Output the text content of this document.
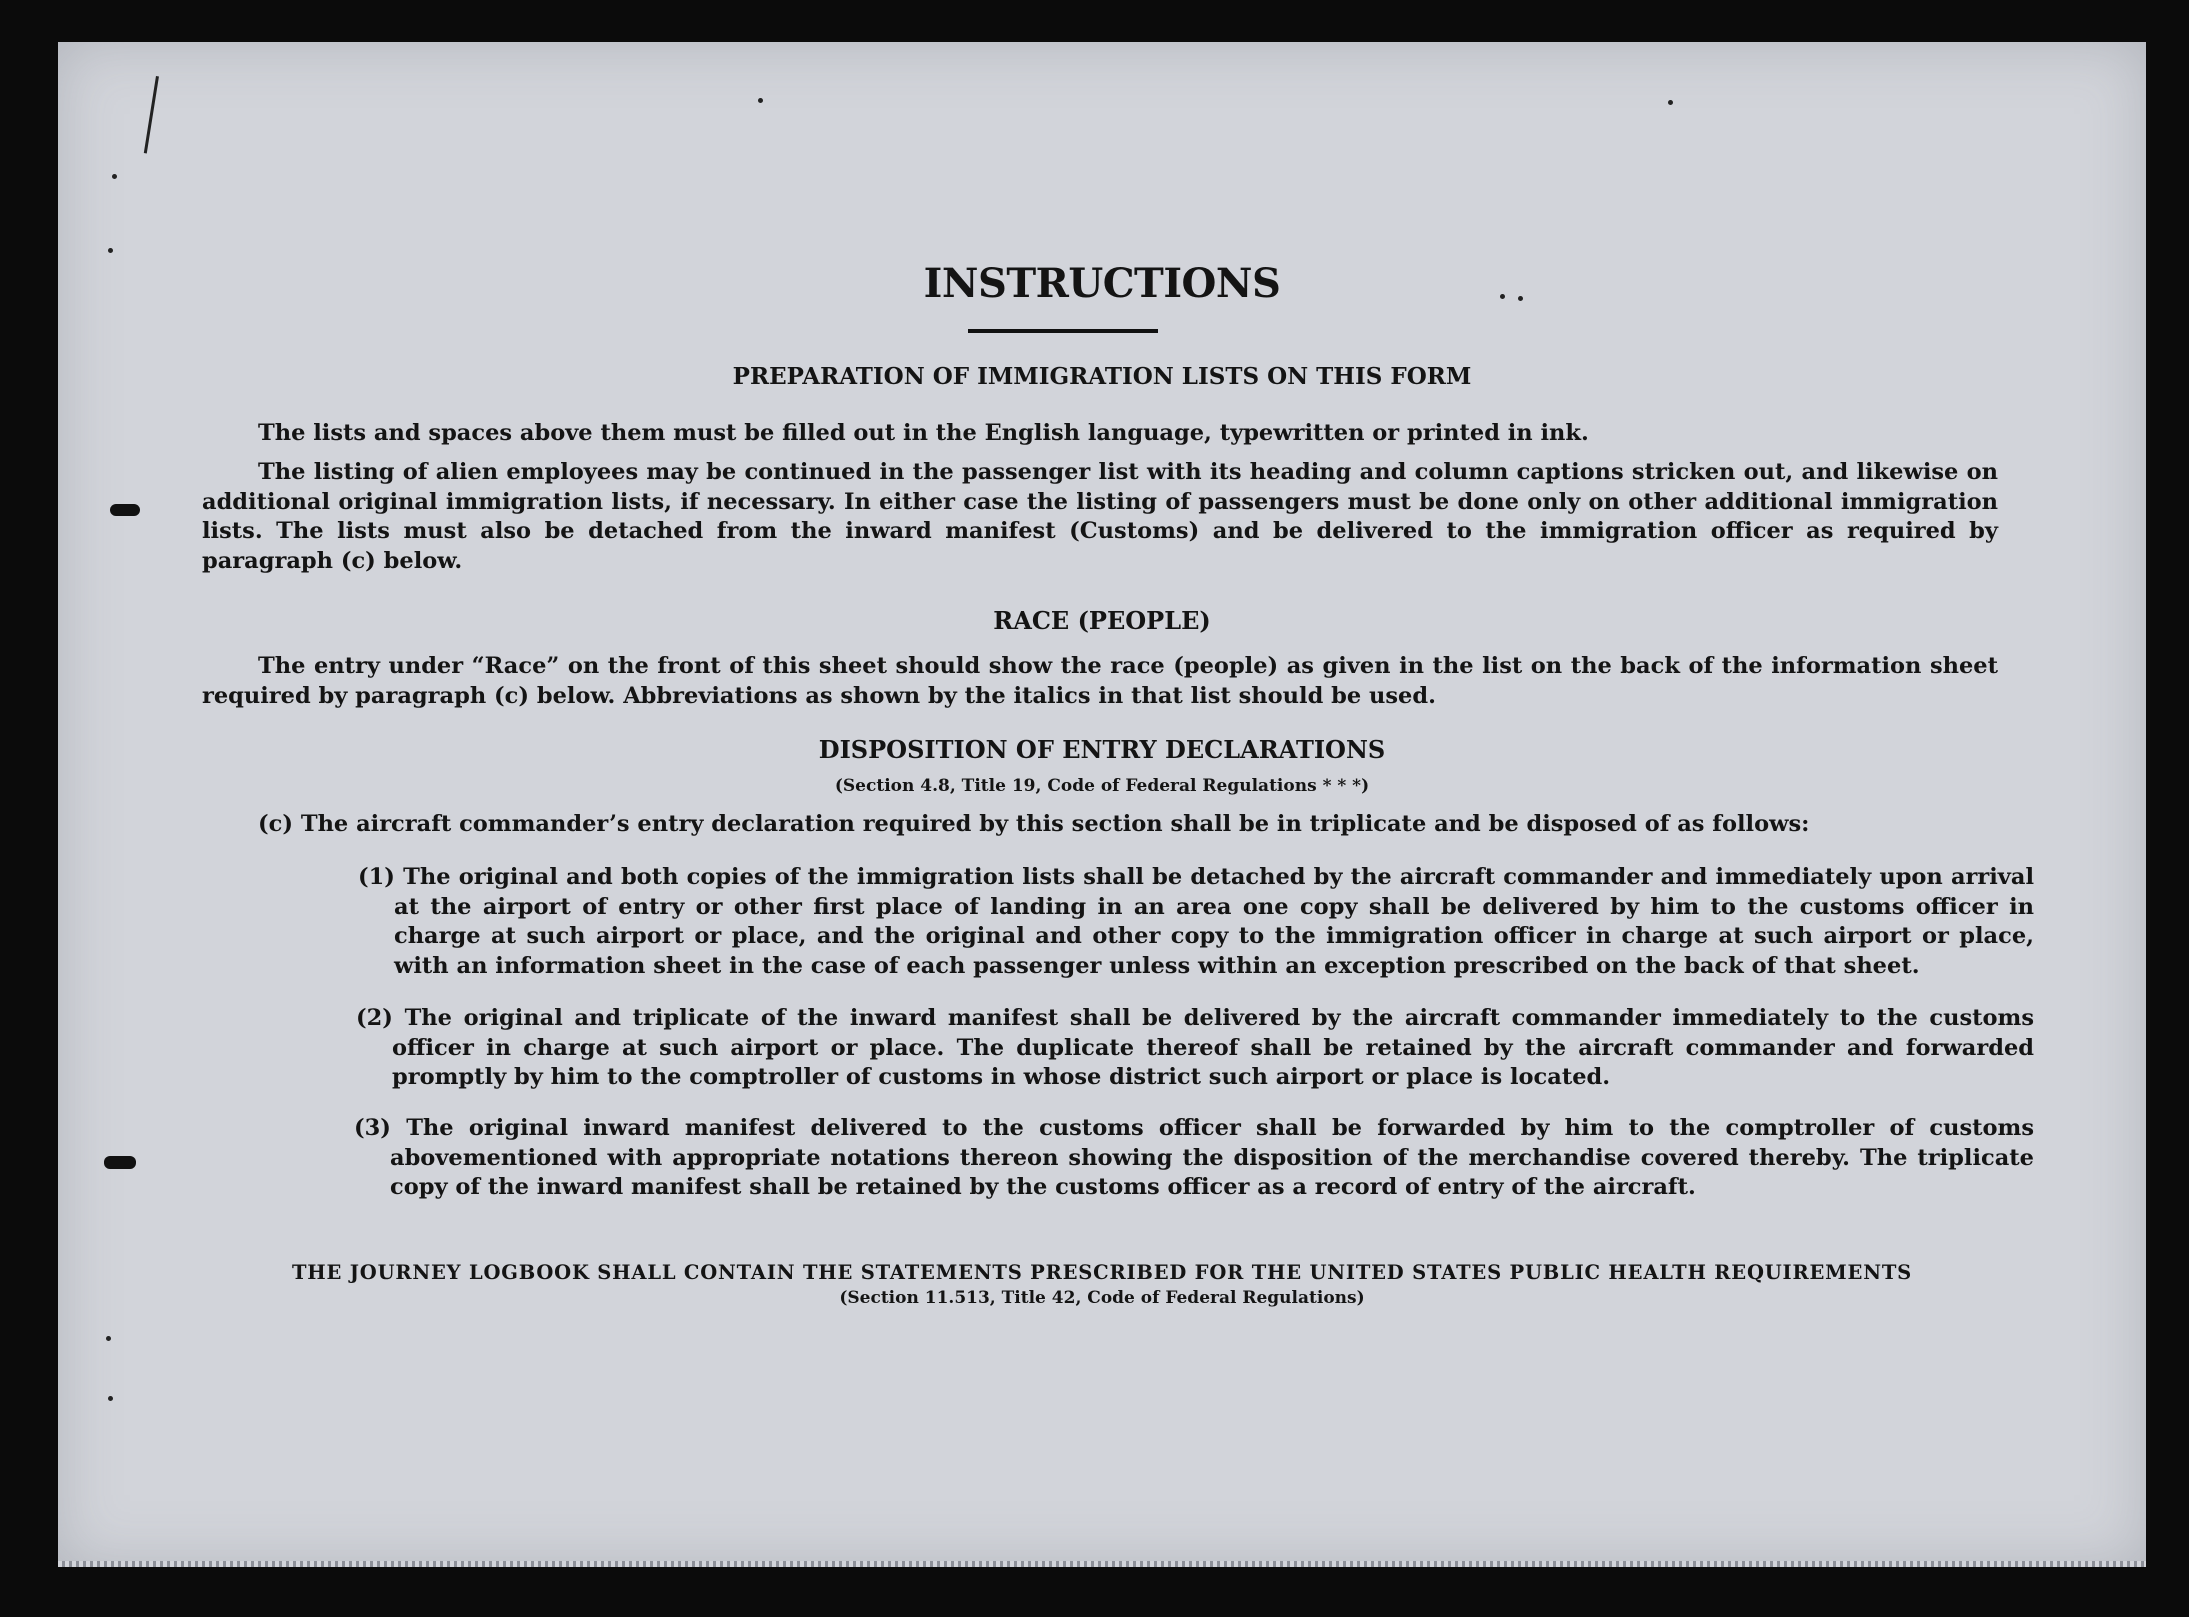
INSTRUCTIONS
PREPARATION OF IMMIGRATION LISTS ON THIS FORM
The lists and spaces above them must be filled out in the English language, typewritten or printed in ink.
The listing of alien employees may be continued in the passenger list with its heading and column captions stricken out, and likewise on additional original immigration lists, if necessary. In either case the listing of passengers must be done only on other additional immigration lists. The lists must also be detached from the inward manifest (Customs) and be delivered to the immigration officer as required by paragraph (c) below.
RACE (PEOPLE)
The entry under “Race” on the front of this sheet should show the race (people) as given in the list on the back of the information sheet required by paragraph (c) below. Abbreviations as shown by the italics in that list should be used.
DISPOSITION OF ENTRY DECLARATIONS
(Section 4.8, Title 19, Code of Federal Regulations * * *)
(c) The aircraft commander’s entry declaration required by this section shall be in triplicate and be disposed of as follows:
(1) The original and both copies of the immigration lists shall be detached by the aircraft commander and immediately upon arrival at the airport of entry or other first place of landing in an area one copy shall be delivered by him to the customs officer in charge at such airport or place, and the original and other copy to the immigration officer in charge at such airport or place, with an information sheet in the case of each passenger unless within an exception prescribed on the back of that sheet.
(2) The original and triplicate of the inward manifest shall be delivered by the aircraft commander immediately to the customs officer in charge at such airport or place. The duplicate thereof shall be retained by the aircraft commander and forwarded promptly by him to the comptroller of customs in whose district such airport or place is located.
(3) The original inward manifest delivered to the customs officer shall be forwarded by him to the comptroller of customs abovementioned with appropriate notations thereon showing the disposition of the merchandise covered thereby. The triplicate copy of the inward manifest shall be retained by the customs officer as a record of entry of the aircraft.
THE JOURNEY LOGBOOK SHALL CONTAIN THE STATEMENTS PRESCRIBED FOR THE UNITED STATES PUBLIC HEALTH REQUIREMENTS
(Section 11.513, Title 42, Code of Federal Regulations)
